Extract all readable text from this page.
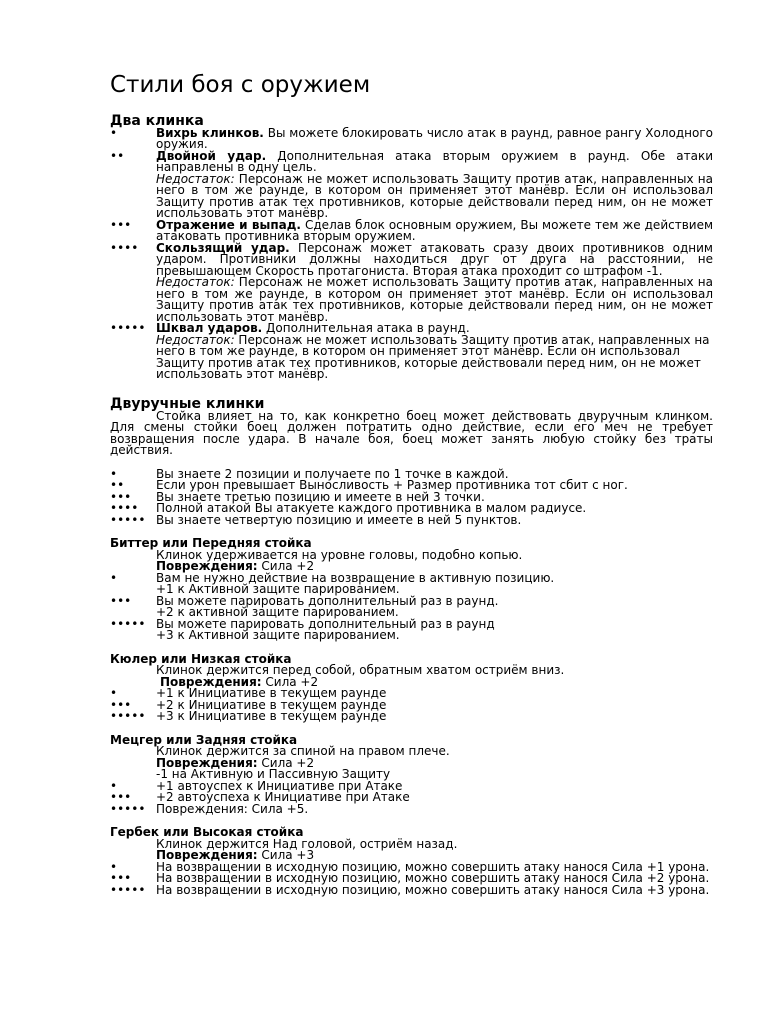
Стили боя с оружием
Два клинка
•	Вихрь клинков. Вы можете блокировать число атак в раунд, равное рангу Холодного оружия.
••	Двойной удар. Дополнительная атака вторым оружием в раунд. Обе атаки направлены в одну цель.
Недостаток: Персонаж не может использовать Защиту против атак, направленных на него в том же раунде, в котором он применяет этот манёвр. Если он использовал Защиту против атак тех противников, которые действовали перед ним, он не может использовать этот манёвр.
•••	Отражение и выпад. Сделав блок основным оружием, Вы можете тем же действием атаковать противника вторым оружием.
••••	Скользящий удар. Персонаж может атаковать сразу двоих противников одним ударом. Противники должны находиться друг от друга на расстоянии, не превышающем Скорость протагониста. Вторая атака проходит со штрафом -1.
Недостаток: Персонаж не может использовать Защиту против атак, направленных на него в том же раунде, в котором он применяет этот манёвр. Если он использовал Защиту против атак тех противников, которые действовали перед ним, он не может использовать этот манёвр.
••••• Шквал ударов. Дополнительная атака в раунд.
Недостаток: Персонаж не может использовать Защиту против атак, направленных на него в том же раунде, в котором он применяет этот манёвр. Если он использовал Защиту против атак тех противников, которые действовали перед ним, он не может использовать этот манёвр.
Двуручные клинки
Стойка влияет на то, как конкретно боец может действовать двуручным клинком. Для смены стойки боец должен потратить одно действие, если его меч не требует возвращения после удара. В начале боя, боец может занять любую стойку без траты действия.
•	Вы знаете 2 позиции и получаете по 1 точке в каждой.
••	Если урон превышает Выносливость + Размер противника тот сбит с ног.
•••	Вы знаете третью позицию и имеете в ней 3 точки.
••••	Полной атакой Вы атакуете каждого противника в малом радиусе.
••••• Вы знаете четвертую позицию и имеете в ней 5 пунктов.
Биттер или Передняя стойка
Клинок удерживается на уровне головы, подобно копью.
Повреждения: Сила +2
•	Вам не нужно действие на возвращение в активную позицию.
+1 к Активной защите парированием.
•••	Вы можете парировать дополнительный раз в раунд.
+2 к активной защите парированием.
••••• Вы можете парировать дополнительный раз в раунд
+3 к Активной защите парированием.
Кюлер или Низкая стойка
Клинок держится перед собой, обратным хватом остриём вниз.
Повреждения: Сила +2
•	+1 к Инициативе в текущем раунде
•••	+2 к Инициативе в текущем раунде
••••• +3 к Инициативе в текущем раунде
Мецгер или Задняя стойка
Клинок держится за спиной на правом плече.
Повреждения: Сила +2
-1 на Активную и Пассивную Защиту
•	+1 автоуспех к Инициативе при Атаке
•••	+2 автоуспеха к Инициативе при Атаке
••••• Повреждения: Сила +5.
Гербек или Высокая стойка
Клинок держится Над головой, остриём назад.
Повреждения: Сила +3
•	На возвращении в исходную позицию, можно совершить атаку нанося Сила +1 урона.
•••	На возвращении в исходную позицию, можно совершить атаку нанося Сила +2 урона.
••••• На возвращении в исходную позицию, можно совершить атаку нанося Сила +3 урона.
